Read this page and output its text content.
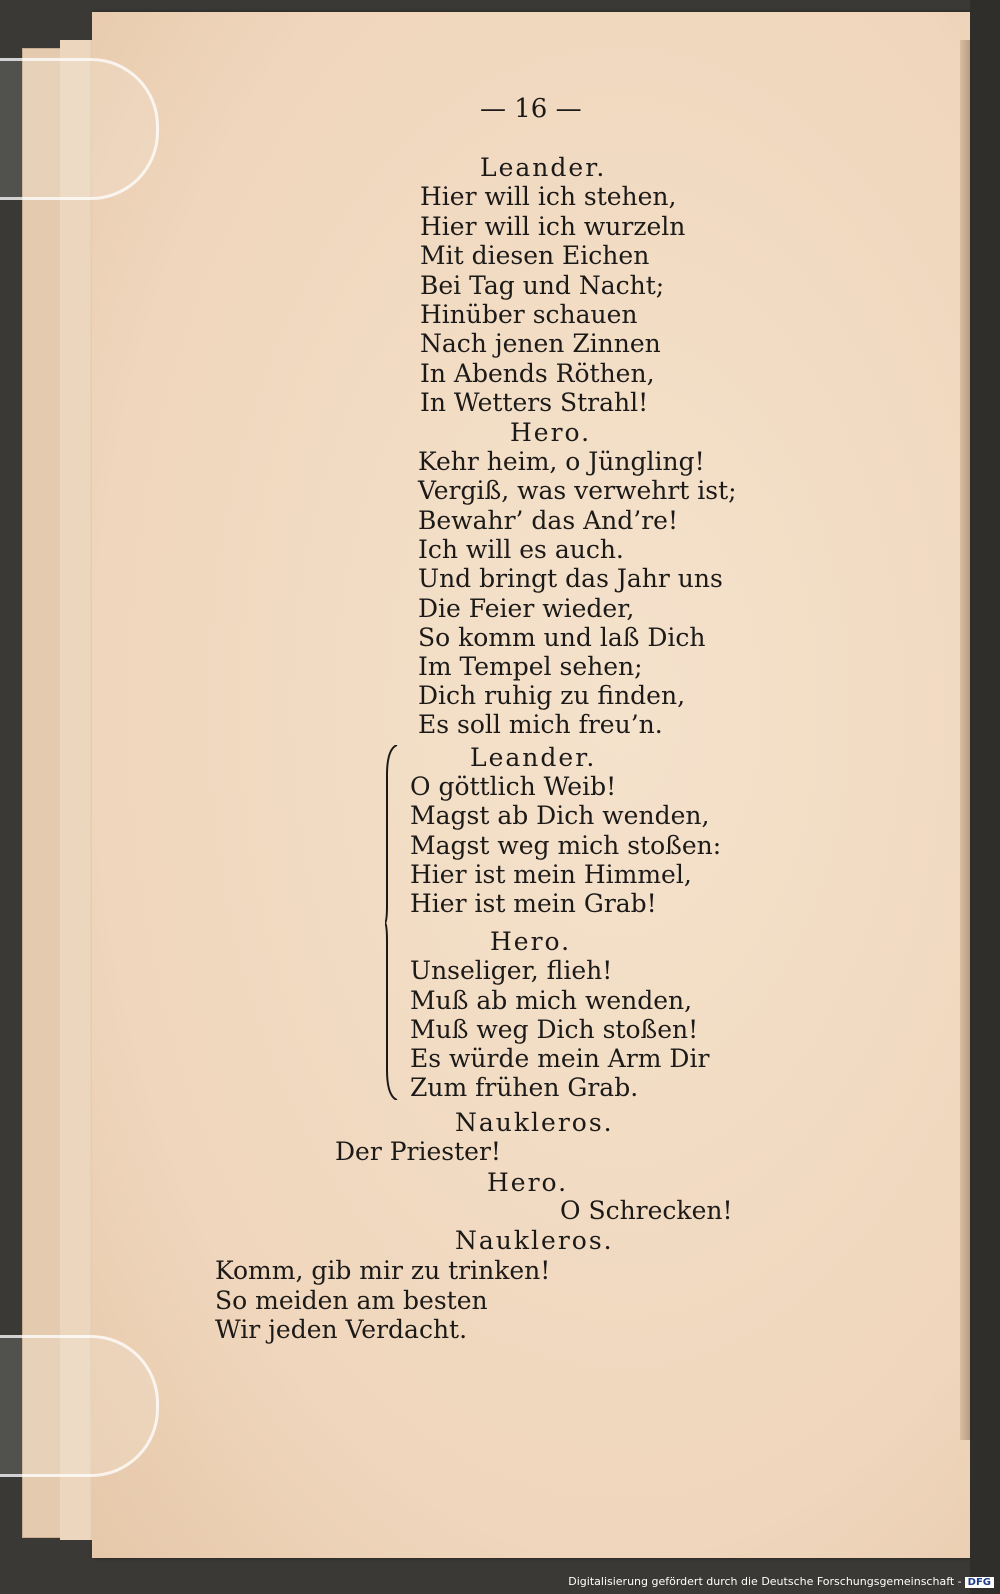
— 16 —
Leander.
Hier will ich stehen,
Hier will ich wurzeln
Mit diesen Eichen
Bei Tag und Nacht;
Hinüber schauen
Nach jenen Zinnen
In Abends Röthen,
In Wetters Strahl!
Hero.
Kehr heim, o Jüngling!
Vergiß, was verwehrt ist;
Bewahr’ das And’re!
Ich will es auch.
Und bringt das Jahr uns
Die Feier wieder,
So komm und laß Dich
Im Tempel sehen;
Dich ruhig zu finden,
Es soll mich freu’n.
Leander.
O göttlich Weib!
Magst ab Dich wenden,
Magst weg mich stoßen:
Hier ist mein Himmel,
Hier ist mein Grab!
Hero.
Unseliger, flieh!
Muß ab mich wenden,
Muß weg Dich stoßen!
Es würde mein Arm Dir
Zum frühen Grab.
Naukleros.
Der Priester!
Hero.
O Schrecken!
Naukleros.
Komm, gib mir zu trinken!
So meiden am besten
Wir jeden Verdacht.
Digitalisierung gefördert durch die Deutsche Forschungsgemeinschaft - DFG
